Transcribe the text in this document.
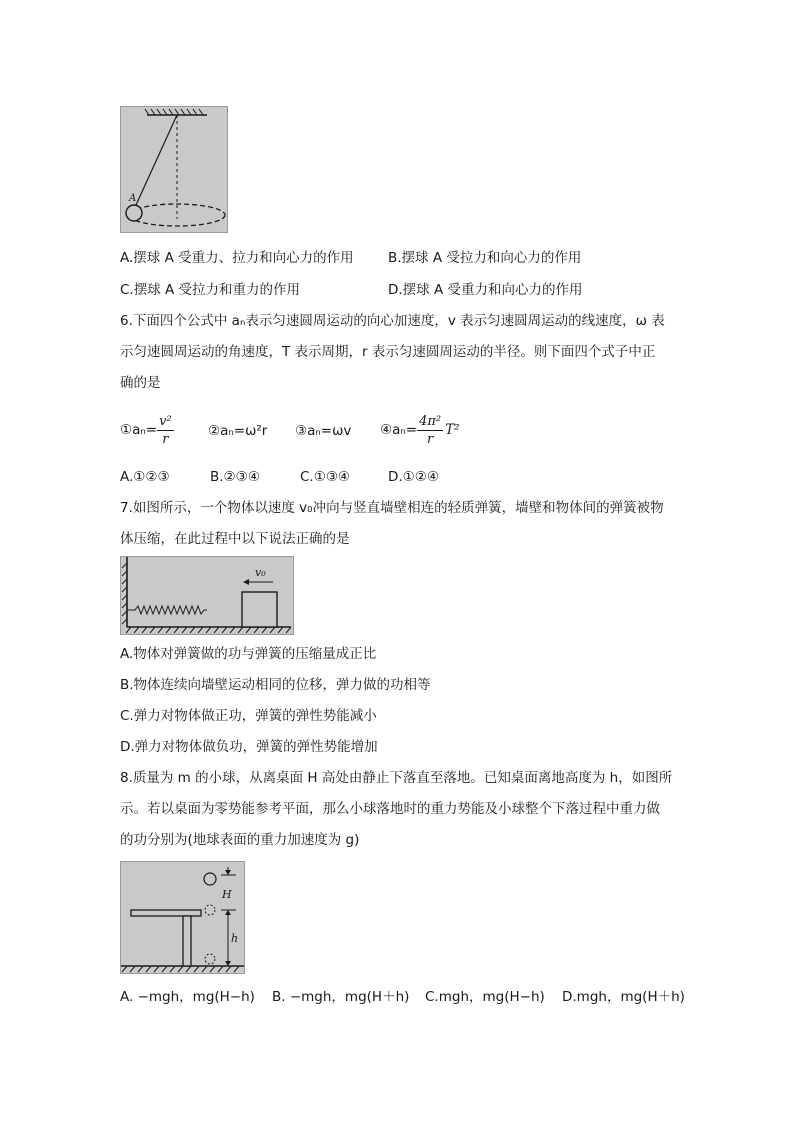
A
A.摆球 A 受重力、拉力和向心力的作用	B.摆球 A 受拉力和向心力的作用
C.摆球 A 受拉力和重力的作用	D.摆球 A 受重力和向心力的作用
6.下面四个公式中 aₙ表示匀速圆周运动的向心加速度，v 表示匀速圆周运动的线速度，ω 表
示匀速圆周运动的角速度，T 表示周期，r 表示匀速圆周运动的半径。则下面四个式子中正
确的是
①aₙ= $\frac{\text{v²}}{r}$	②aₙ=ω²r ③aₙ=ωv ④aₙ= $\frac{\text{4π²}}{r} T^2$
A.①②③	B.②③④	C.①③④	D.①②④
7.如图所示，一个物体以速度 v₀冲向与竖直墙壁相连的轻质弹簧，墙壁和物体间的弹簧被物
体压缩，在此过程中以下说法正确的是
v₀
A.物体对弹簧做的功与弹簧的压缩量成正比
B.物体连续向墙壁运动相同的位移，弹力做的功相等
C.弹力对物体做正功，弹簧的弹性势能减小
D.弹力对物体做负功，弹簧的弹性势能增加
8.质量为 m 的小球，从离桌面 H 高处由静止下落直至落地。已知桌面离地高度为 h，如图所
示。若以桌面为零势能参考平面，那么小球落地时的重力势能及小球整个下落过程中重力做
的功分别为(地球表面的重力加速度为 g)
H
h
A. −mgh，mg(H−h) B. −mgh，mg(H＋h) C.mgh，mg(H−h) D.mgh，mg(H＋h)
